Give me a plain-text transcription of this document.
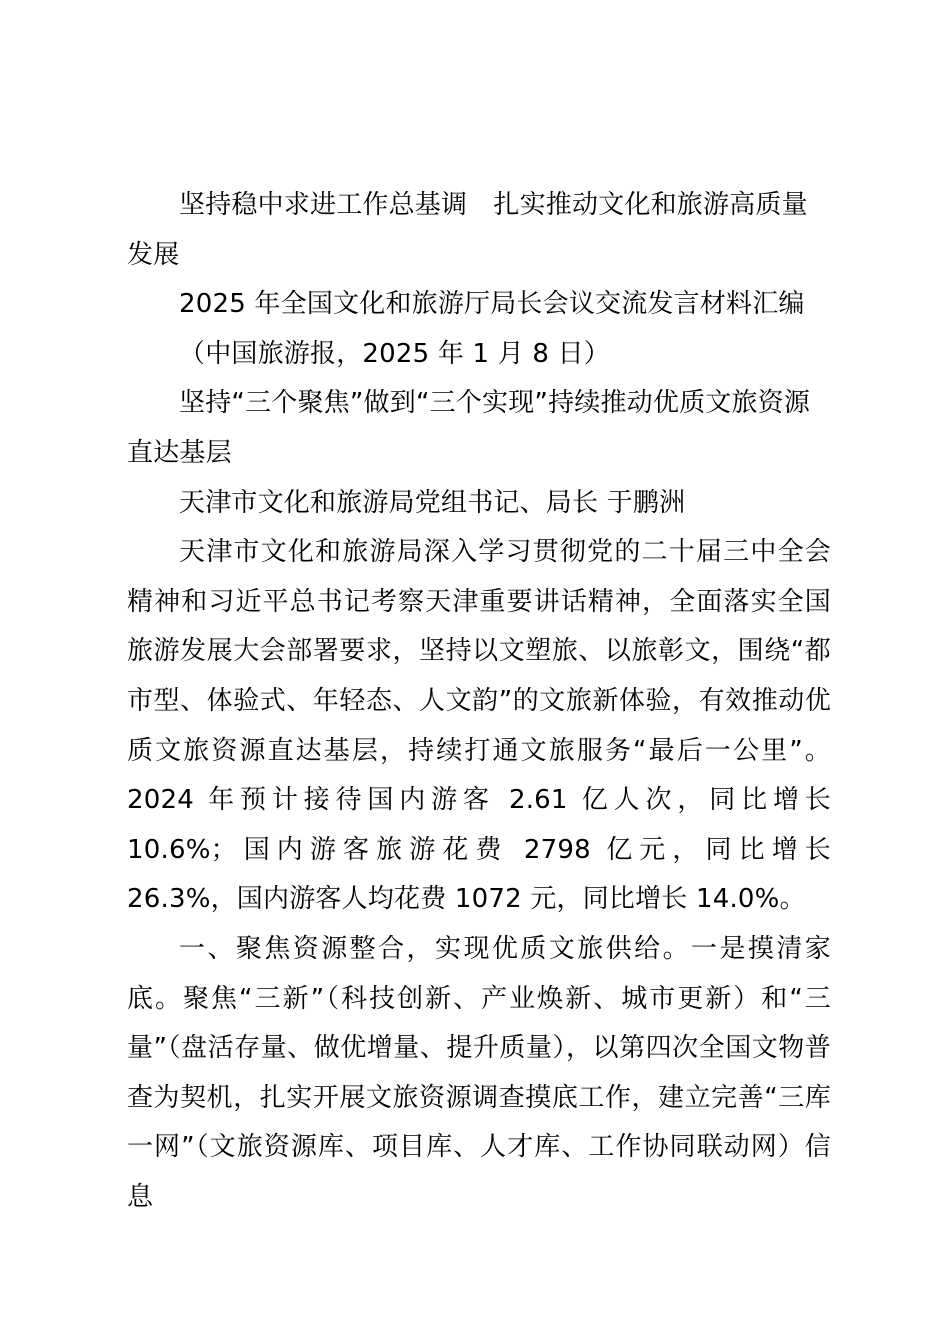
坚持稳中求进工作总基调　扎实推动文化和旅游高质量发展

2025 年全国文化和旅游厅局长会议交流发言材料汇编

（中国旅游报，2025 年 1 月 8 日）

坚持“三个聚焦”做到“三个实现”持续推动优质文旅资源直达基层

天津市文化和旅游局党组书记、局长 于鹏洲

天津市文化和旅游局深入学习贯彻党的二十届三中全会精神和习近平总书记考察天津重要讲话精神，全面落实全国旅游发展大会部署要求，坚持以文塑旅、以旅彰文，围绕“都市型、体验式、年轻态、人文韵”的文旅新体验，有效推动优质文旅资源直达基层，持续打通文旅服务“最后一公里”。2024 年预计接待国内游客 2.61 亿人次，同比增长 10.6%；国内游客旅游花费 2798 亿元，同比增长 26.3%，国内游客人均花费 1072 元，同比增长 14.0%。

一、聚焦资源整合，实现优质文旅供给。一是摸清家底。聚焦“三新”（科技创新、产业焕新、城市更新）和“三量”（盘活存量、做优增量、提升质量），以第四次全国文物普查为契机，扎实开展文旅资源调查摸底工作，建立完善“三库一网”（文旅资源库、项目库、人才库、工作协同联动网）信息
